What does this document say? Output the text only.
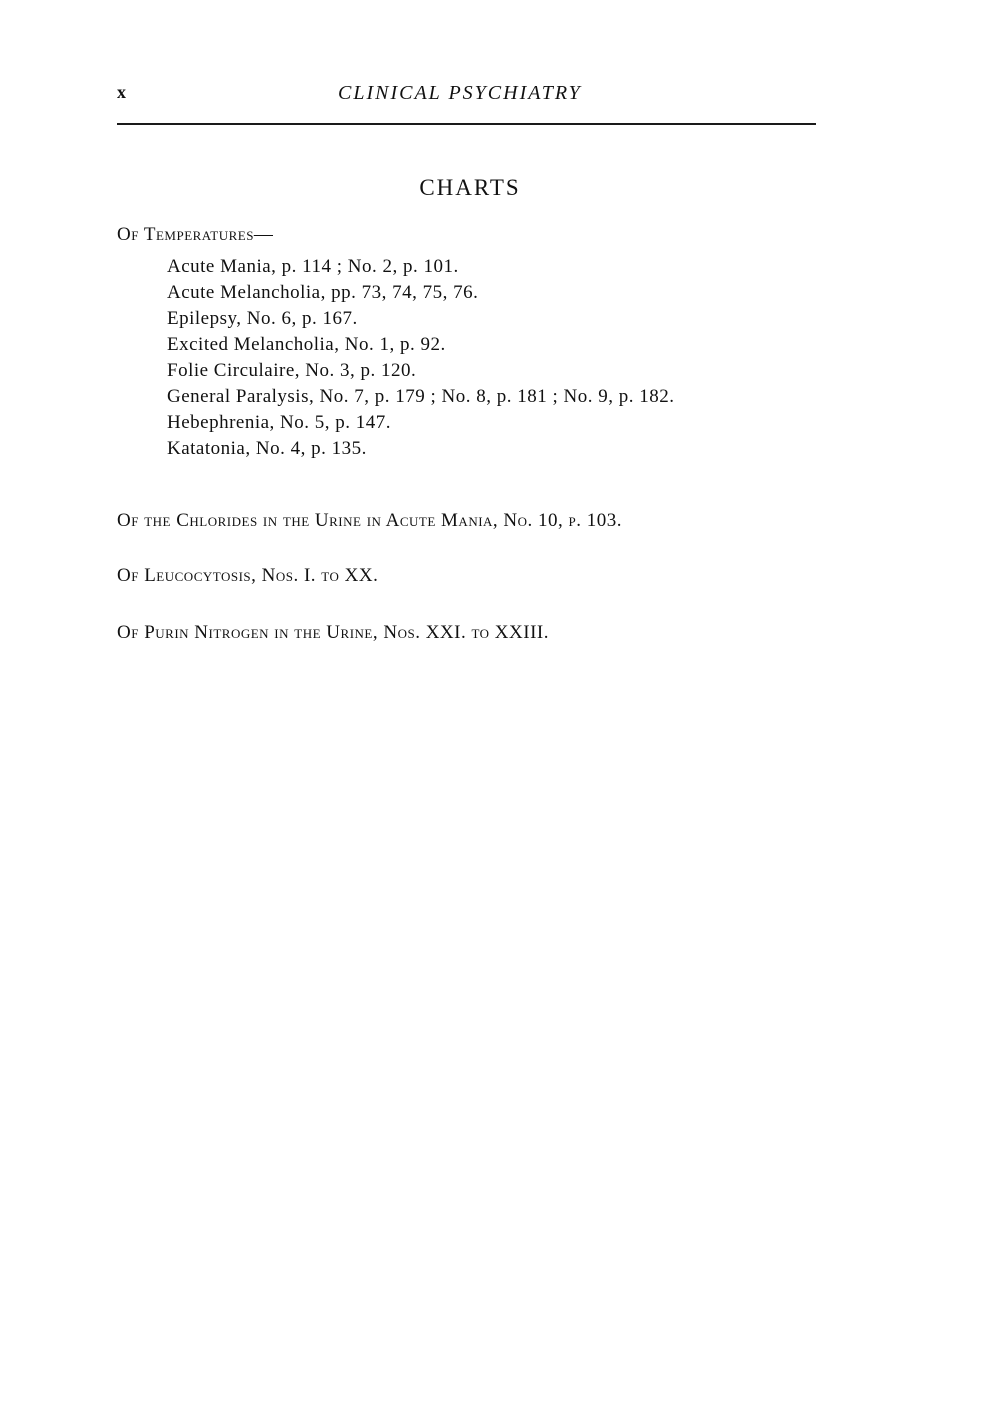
x	CLINICAL PSYCHIATRY
CHARTS
Of Temperatures—
Acute Mania, p. 114 ; No. 2, p. 101.
Acute Melancholia, pp. 73, 74, 75, 76.
Epilepsy, No. 6, p. 167.
Excited Melancholia, No. 1, p. 92.
Folie Circulaire, No. 3, p. 120.
General Paralysis, No. 7, p. 179 ; No. 8, p. 181 ; No. 9, p. 182.
Hebephrenia, No. 5, p. 147.
Katatonia, No. 4, p. 135.
Of the Chlorides in the Urine in Acute Mania, No. 10, p. 103.
Of Leucocytosis, Nos. I. to XX.
Of Purin Nitrogen in the Urine, Nos. XXI. to XXIII.
